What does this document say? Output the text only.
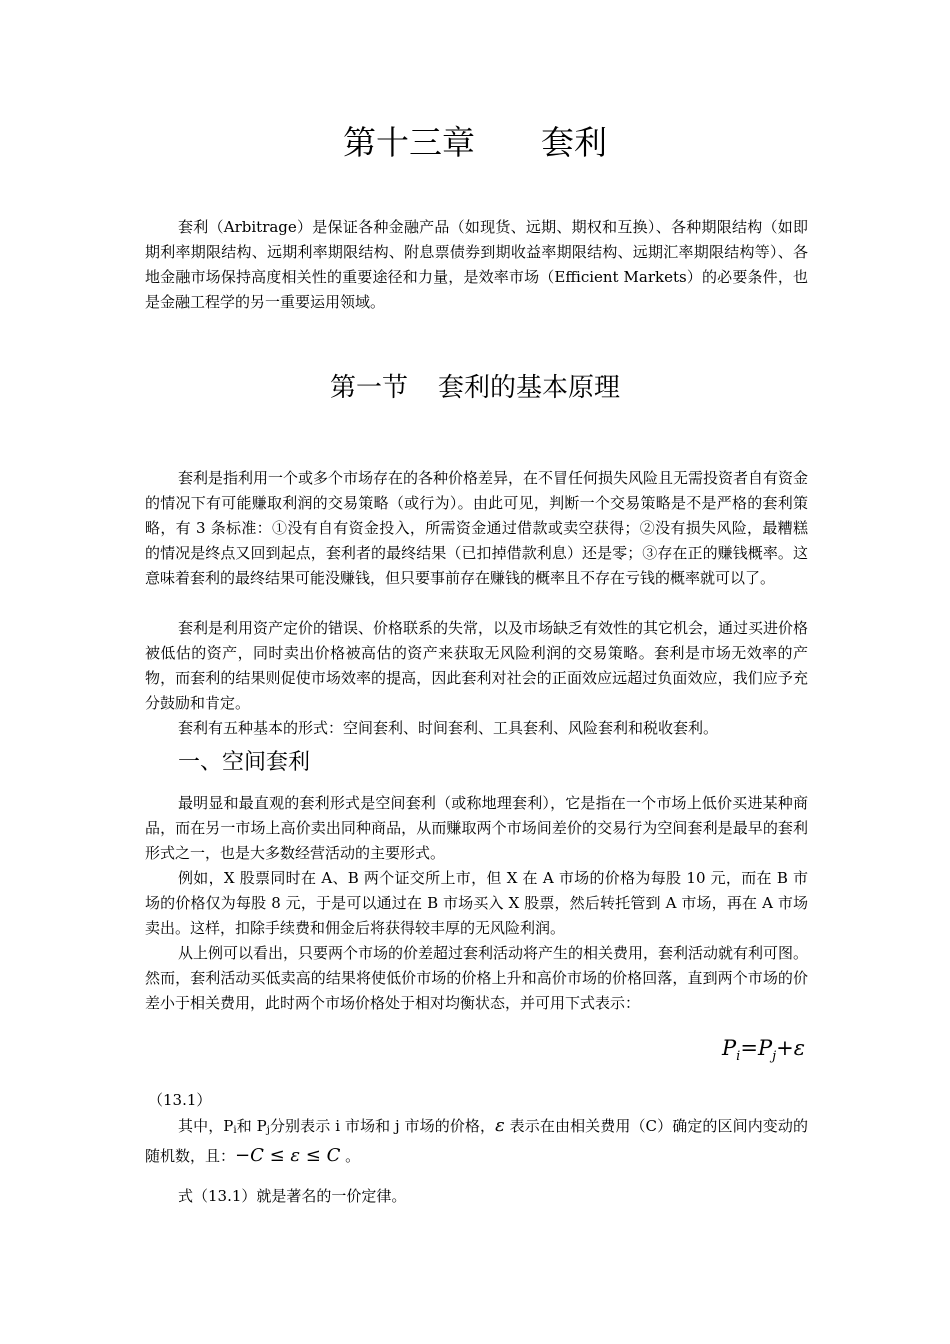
第十三章 套利

套利（Arbitrage）是保证各种金融产品（如现货、远期、期权和互换）、各种期限结构（如即期利率期限结构、远期利率期限结构、附息票债券到期收益率期限结构、远期汇率期限结构等）、各地金融市场保持高度相关性的重要途径和力量，是效率市场（Efficient Markets）的必要条件，也是金融工程学的另一重要运用领域。

第一节 套利的基本原理

套利是指利用一个或多个市场存在的各种价格差异，在不冒任何损失风险且无需投资者自有资金的情况下有可能赚取利润的交易策略（或行为）。由此可见，判断一个交易策略是不是严格的套利策略，有 3 条标准：①没有自有资金投入，所需资金通过借款或卖空获得；②没有损失风险，最糟糕的情况是终点又回到起点，套利者的最终结果（已扣掉借款利息）还是零；③存在正的赚钱概率。这意味着套利的最终结果可能没赚钱，但只要事前存在赚钱的概率且不存在亏钱的概率就可以了。

套利是利用资产定价的错误、价格联系的失常，以及市场缺乏有效性的其它机会，通过买进价格被低估的资产，同时卖出价格被高估的资产来获取无风险利润的交易策略。套利是市场无效率的产物，而套利的结果则促使市场效率的提高，因此套利对社会的正面效应远超过负面效应，我们应予充分鼓励和肯定。

套利有五种基本的形式：空间套利、时间套利、工具套利、风险套利和税收套利。

一、空间套利

最明显和最直观的套利形式是空间套利（或称地理套利），它是指在一个市场上低价买进某种商品，而在另一市场上高价卖出同种商品，从而赚取两个市场间差价的交易行为空间套利是最早的套利形式之一，也是大多数经营活动的主要形式。

例如，X 股票同时在 A、B 两个证交所上市，但 X 在 A 市场的价格为每股 10 元，而在 B 市场的价格仅为每股 8 元，于是可以通过在 B 市场买入 X 股票，然后转托管到 A 市场，再在 A 市场卖出。这样，扣除手续费和佣金后将获得较丰厚的无风险利润。

从上例可以看出，只要两个市场的价差超过套利活动将产生的相关费用，套利活动就有利可图。然而，套利活动买低卖高的结果将使低价市场的价格上升和高价市场的价格回落，直到两个市场的价差小于相关费用，此时两个市场价格处于相对均衡状态，并可用下式表示：

$P_i=P_j+\varepsilon$
（13.1）

其中，Pi和 Pj分别表示 i 市场和 j 市场的价格，ε 表示在由相关费用（C）确定的区间内变动的随机数，且：−C ≤ ε ≤ C 。

式（13.1）就是著名的一价定律。
